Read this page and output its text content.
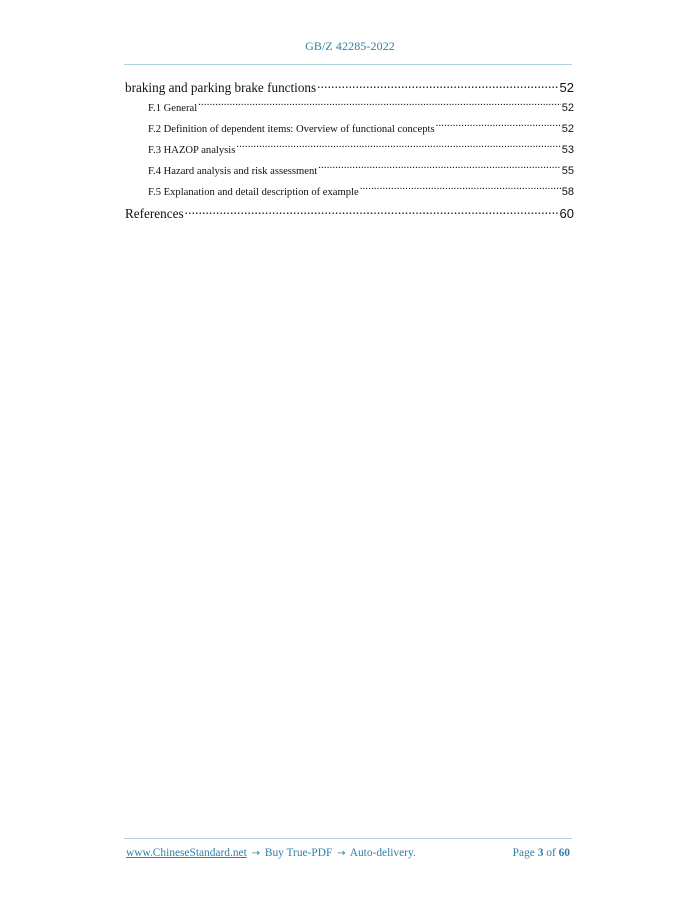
GB/Z 42285-2022
braking and parking brake functions .....	52
F.1 General .....	52
F.2 Definition of dependent items: Overview of functional concepts .....	52
F.3 HAZOP analysis .....	53
F.4 Hazard analysis and risk assessment .....	55
F.5 Explanation and detail description of example .....	58
References .....	60
www.ChineseStandard.net → Buy True-PDF → Auto-delivery.	Page 3 of 60
